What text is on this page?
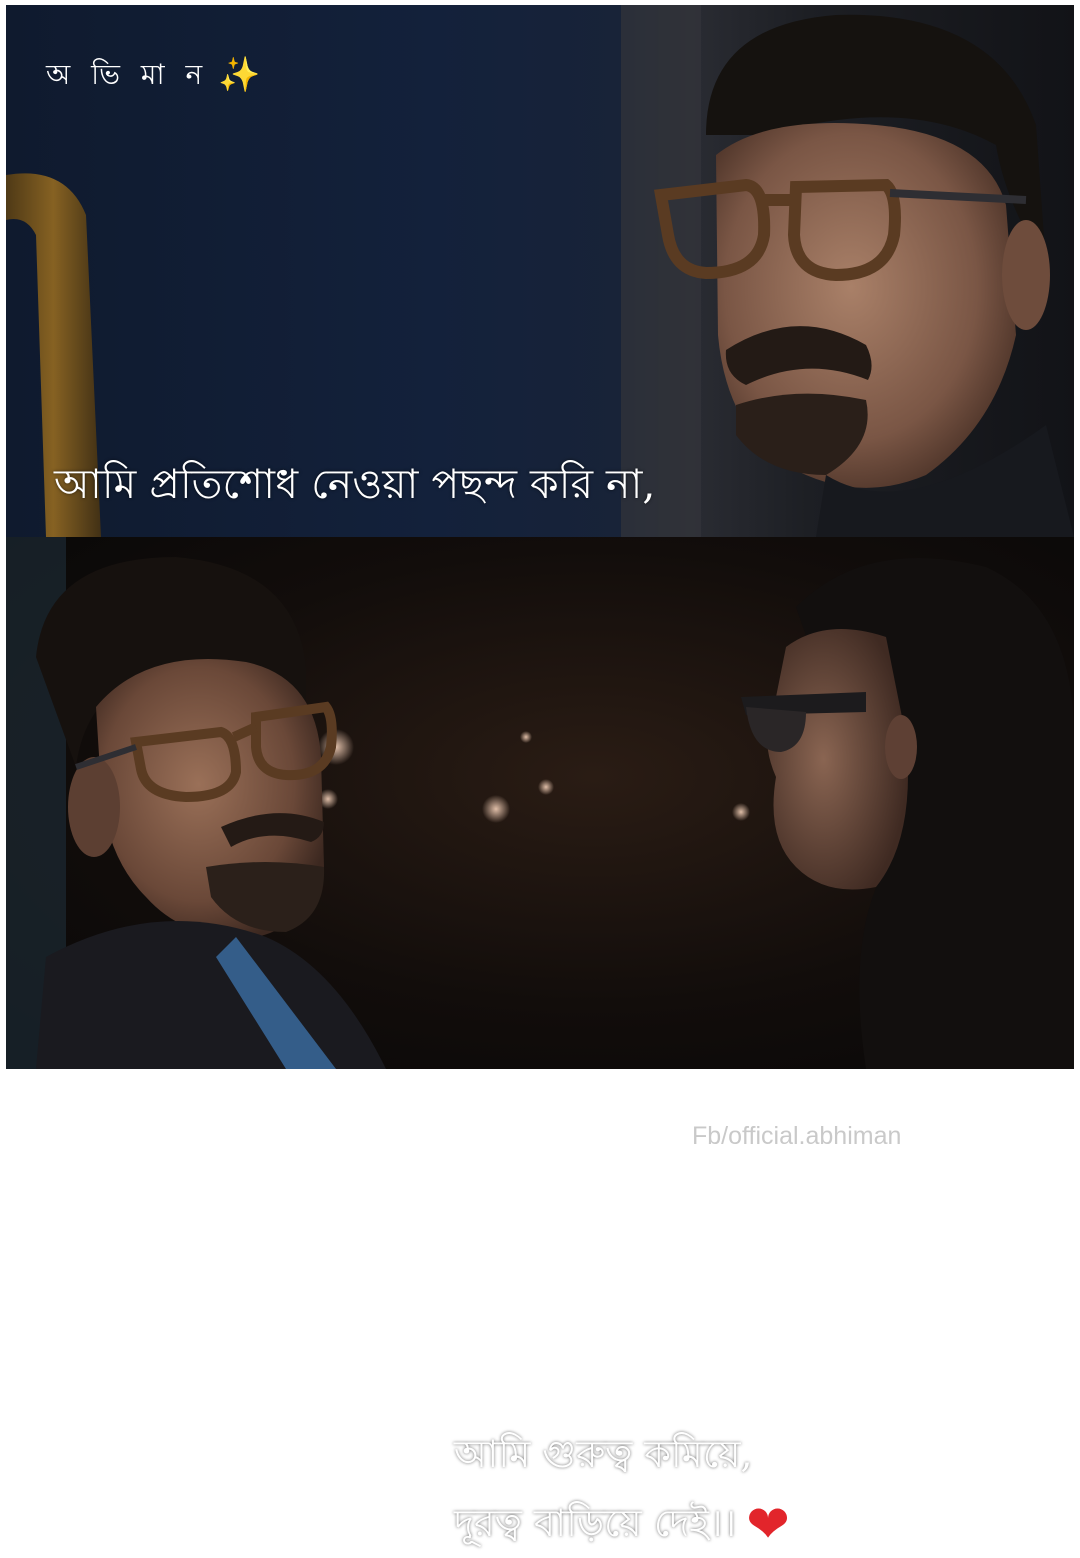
অ ভি মা ন ✨
আমি প্রতিশোধ নেওয়া পছন্দ করি না,
Fb/official.abhiman
আমি গুরুত্ব কমিয়ে,
দূরত্ব বাড়িয়ে দেই।। ❤
